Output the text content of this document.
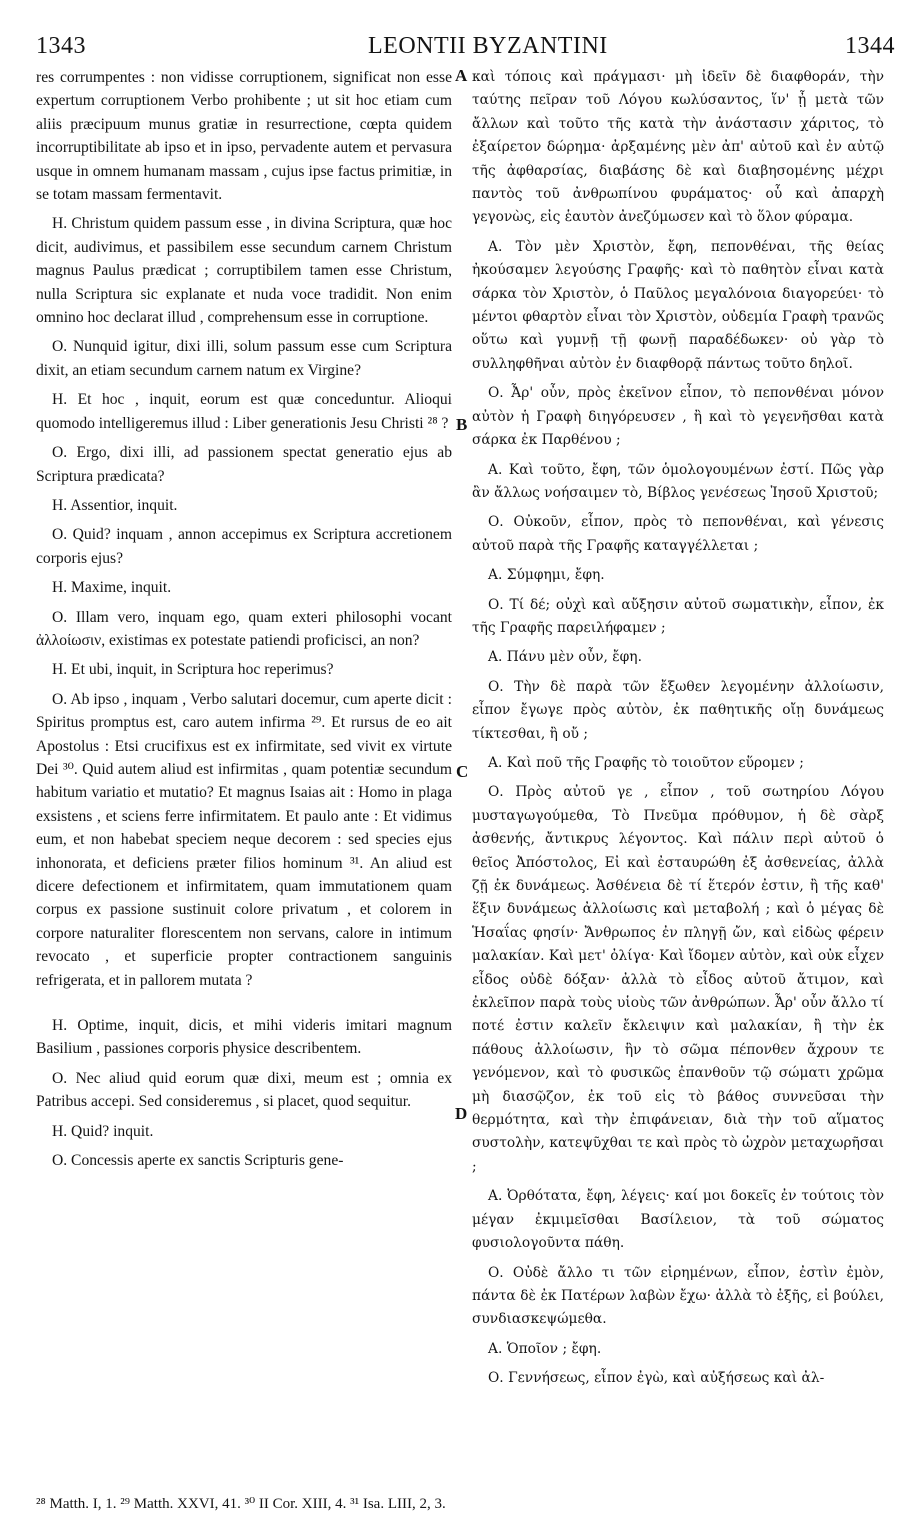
1343	LEONTII BYZANTINI	1344

res corrumpentes : non vidisse corruptionem, significat non esse expertum corruptionem Verbo prohibente ; ut sit hoc etiam cum aliis præcipuum munus gratiæ in resurrectione, cœpta quidem incorruptibilitate ab ipso et in ipso, pervadente autem et pervasura usque in omnem humanam massam , cujus ipse factus primitiæ, in se totam massam fermentavit.

H. Christum quidem passum esse , in divina Scriptura, quæ hoc dicit, audivimus, et passibilem esse secundum carnem Christum magnus Paulus prædicat ; corruptibilem tamen esse Christum, nulla Scriptura sic explanate et nuda voce tradidit. Non enim omnino hoc declarat illud , comprehensum esse in corruptione.

O. Nunquid igitur, dixi illi, solum passum esse cum Scriptura dixit, an etiam secundum carnem natum ex Virgine?

H. Et hoc , inquit, eorum est quæ conceduntur. Alioqui quomodo intelligeremus illud : Liber generationis Jesu Christi ²⁸ ?

O. Ergo, dixi illi, ad passionem spectat generatio ejus ab Scriptura prædicata?

H. Assentior, inquit.

O. Quid? inquam , annon accepimus ex Scriptura accretionem corporis ejus?

H. Maxime, inquit.

O. Illam vero, inquam ego, quam exteri philosophi vocant ἀλλοίωσιν, existimas ex potestate patiendi proficisci, an non?

H. Et ubi, inquit, in Scriptura hoc reperimus?

O. Ab ipso , inquam , Verbo salutari docemur, cum aperte dicit : Spiritus promptus est, caro autem infirma ²⁹. Et rursus de eo ait Apostolus : Etsi crucifixus est ex infirmitate, sed vivit ex virtute Dei ³⁰. Quid autem aliud est infirmitas , quam potentiæ secundum habitum variatio et mutatio? Et magnus Isaias ait : Homo in plaga exsistens , et sciens ferre infirmitatem. Et paulo ante : Et vidimus eum, et non habebat speciem neque decorem : sed species ejus inhonorata, et deficiens præter filios hominum ³¹. An aliud est dicere defectionem et infirmitatem, quam immutationem quam corpus ex passione sustinuit colore privatum , et colorem in corpore naturaliter florescentem non servans, calore in intimum revocato , et superficie propter contractionem sanguinis refrigerata, et in pallorem mutata ?

H. Optime, inquit, dicis, et mihi videris imitari magnum Basilium , passiones corporis physice describentem.

O. Nec aliud quid eorum quæ dixi, meum est ; omnia ex Patribus accepi. Sed consideremus , si placet, quod sequitur.

H. Quid? inquit.

O. Concessis aperte ex sanctis Scripturis gene-

καὶ τόποις καὶ πράγμασι· μὴ ἰδεῖν δὲ διαφθοράν, τὴν ταύτης πεῖραν τοῦ Λόγου κωλύσαντος, ἵν' ᾖ μετὰ τῶν ἄλλων καὶ τοῦτο τῆς κατὰ τὴν ἀνάστασιν χάριτος, τὸ ἐξαίρετον δώρημα· ἀρξαμένης μὲν ἀπ' αὐτοῦ καὶ ἐν αὐτῷ τῆς ἀφθαρσίας, διαβάσης δὲ καὶ διαβησομένης μέχρι παντὸς τοῦ ἀνθρωπίνου φυράματος· οὗ καὶ ἀπαρχὴ γεγονὼς, εἰς ἑαυτὸν ἀνεζύμωσεν καὶ τὸ ὅλον φύραμα.

Α. Τὸν μὲν Χριστὸν, ἔφη, πεπονθέναι, τῆς θείας ἠκούσαμεν λεγούσης Γραφῆς· καὶ τὸ παθητὸν εἶναι κατὰ σάρκα τὸν Χριστὸν, ὁ Παῦλος μεγαλόνοια διαγορεύει· τὸ μέντοι φθαρτὸν εἶναι τὸν Χριστὸν, οὐδεμία Γραφὴ τρανῶς οὕτω καὶ γυμνῇ τῇ φωνῇ παραδέδωκεν· οὐ γὰρ τὸ συλληφθῆναι αὐτὸν ἐν διαφθορᾷ πάντως τοῦτο δηλοῖ.

Ο. Ἆρ' οὖν, πρὸς ἐκεῖνον εἶπον, τὸ πεπονθέναι μόνον αὐτὸν ἡ Γραφὴ διηγόρευσεν , ἢ καὶ τὸ γεγενῆσθαι κατὰ σάρκα ἐκ Παρθένου ;

Α. Καὶ τοῦτο, ἔφη, τῶν ὁμολογουμένων ἐστί. Πῶς γὰρ ἂν ἄλλως νοήσαιμεν τὸ, Βίβλος γενέσεως Ἰησοῦ Χριστοῦ;

Ο. Οὐκοῦν, εἶπον, πρὸς τὸ πεπονθέναι, καὶ γένεσις αὐτοῦ παρὰ τῆς Γραφῆς καταγγέλλεται ;

Α. Σύμφημι, ἔφη.

Ο. Τί δέ; οὐχὶ καὶ αὔξησιν αὐτοῦ σωματικὴν, εἶπον, ἐκ τῆς Γραφῆς παρειλήφαμεν ;

Α. Πάνυ μὲν οὖν, ἔφη.

Ο. Τὴν δὲ παρὰ τῶν ἔξωθεν λεγομένην ἀλλοίωσιν, εἶπον ἔγωγε πρὸς αὐτὸν, ἐκ παθητικῆς οἴῃ δυνάμεως τίκτεσθαι, ἢ οὔ ;

Α. Καὶ ποῦ τῆς Γραφῆς τὸ τοιοῦτον εὕρομεν ;

Ο. Πρὸς αὐτοῦ γε , εἶπον , τοῦ σωτηρίου Λόγου μυσταγωγούμεθα, Τὸ Πνεῦμα πρόθυμον, ἡ δὲ σὰρξ ἀσθενής, ἄντικρυς λέγοντος. Καὶ πάλιν περὶ αὐτοῦ ὁ θεῖος Ἀπόστολος, Εἰ καὶ ἐσταυρώθη ἐξ ἀσθενείας, ἀλλὰ ζῇ ἐκ δυνάμεως. Ἀσθένεια δὲ τί ἕτερόν ἐστιν, ἢ τῆς καθ' ἕξιν δυνάμεως ἀλλοίωσις καὶ μεταβολή ; καὶ ὁ μέγας δὲ Ἡσαΐας φησίν· Ἄνθρωπος ἐν πληγῇ ὤν, καὶ εἰδὼς φέρειν μαλακίαν. Καὶ μετ' ὀλίγα· Καὶ ἴδομεν αὐτὸν, καὶ οὐκ εἶχεν εἶδος οὐδὲ δόξαν· ἀλλὰ τὸ εἶδος αὐτοῦ ἄτιμον, καὶ ἐκλεῖπον παρὰ τοὺς υἱοὺς τῶν ἀνθρώπων. Ἆρ' οὖν ἄλλο τί ποτέ ἐστιν καλεῖν ἔκλειψιν καὶ μαλακίαν, ἢ τὴν ἐκ πάθους ἀλλοίωσιν, ἣν τὸ σῶμα πέπονθεν ἄχρουν τε γενόμενον, καὶ τὸ φυσικῶς ἐπανθοῦν τῷ σώματι χρῶμα μὴ διασῷζον, ἐκ τοῦ εἰς τὸ βάθος συννεῦσαι τὴν θερμότητα, καὶ τὴν ἐπιφάνειαν, διὰ τὴν τοῦ αἵματος συστολὴν, κατεψῦχθαι τε καὶ πρὸς τὸ ὠχρὸν μεταχωρῆσαι ;

Α. Ὀρθότατα, ἔφη, λέγεις· καί μοι δοκεῖς ἐν τούτοις τὸν μέγαν ἐκμιμεῖσθαι Βασίλειον, τὰ τοῦ σώματος φυσιολογοῦντα πάθη.

Ο. Οὐδὲ ἄλλο τι τῶν εἰρημένων, εἶπον, ἐστὶν ἐμὸν, πάντα δὲ ἐκ Πατέρων λαβὼν ἔχω· ἀλλὰ τὸ ἑξῆς, εἰ βούλει, συνδιασκεψώμεθα.

Α. Ὁποῖον ; ἔφη.

Ο. Γεννήσεως, εἶπον ἐγὼ, καὶ αὐξήσεως καὶ ἀλ-

A
B
C
D
²⁸ Matth. I, 1. ²⁹ Matth. XXVI, 41. ³⁰ II Cor. XIII, 4. ³¹ Isa. LIII, 2, 3.
